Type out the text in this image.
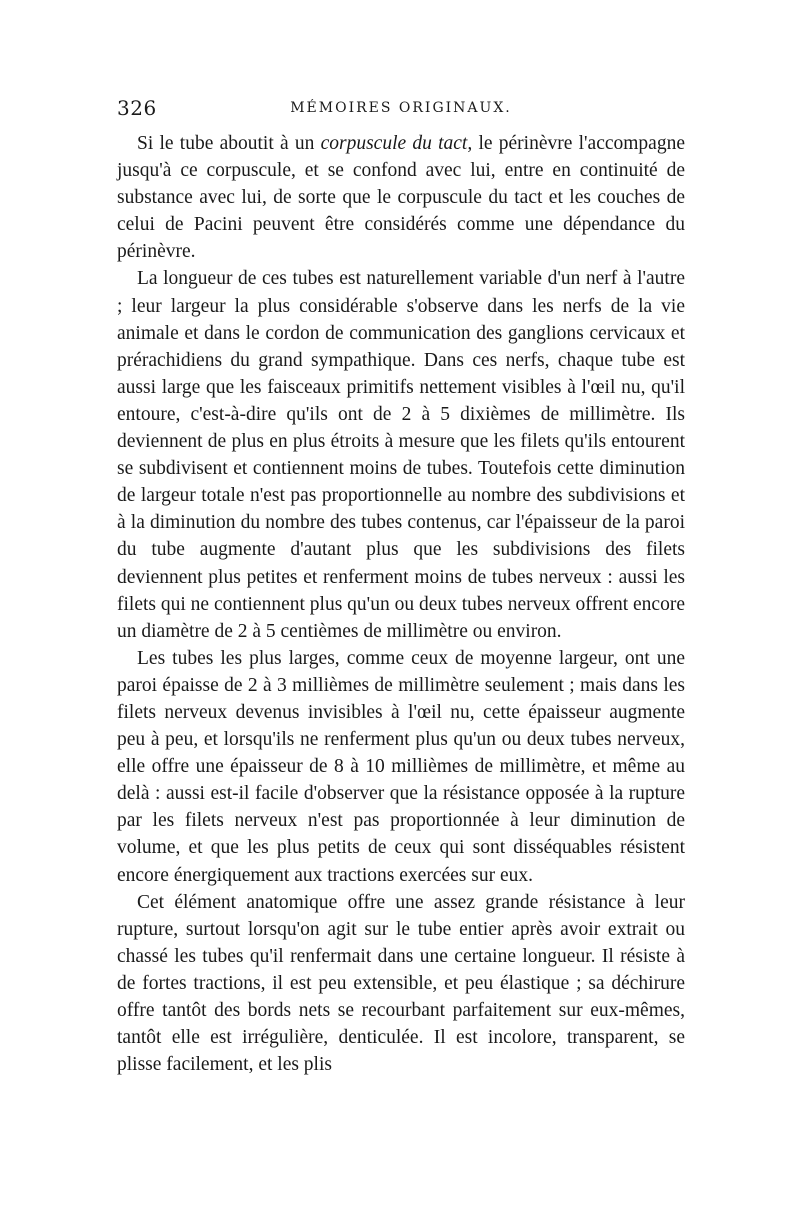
326	MÉMOIRES ORIGINAUX.

Si le tube aboutit à un corpuscule du tact, le périnèvre l'accompagne jusqu'à ce corpuscule, et se confond avec lui, entre en continuité de substance avec lui, de sorte que le corpuscule du tact et les couches de celui de Pacini peuvent être considérés comme une dépendance du périnèvre.

La longueur de ces tubes est naturellement variable d'un nerf à l'autre ; leur largeur la plus considérable s'observe dans les nerfs de la vie animale et dans le cordon de communication des ganglions cervicaux et prérachidiens du grand sympathique. Dans ces nerfs, chaque tube est aussi large que les faisceaux primitifs nettement visibles à l'œil nu, qu'il entoure, c'est-à-dire qu'ils ont de 2 à 5 dixièmes de millimètre. Ils deviennent de plus en plus étroits à mesure que les filets qu'ils entourent se subdivisent et contiennent moins de tubes. Toutefois cette diminution de largeur totale n'est pas proportionnelle au nombre des subdivisions et à la diminution du nombre des tubes contenus, car l'épaisseur de la paroi du tube augmente d'autant plus que les subdivisions des filets deviennent plus petites et renferment moins de tubes nerveux : aussi les filets qui ne contiennent plus qu'un ou deux tubes nerveux offrent encore un diamètre de 2 à 5 centièmes de millimètre ou environ.

Les tubes les plus larges, comme ceux de moyenne largeur, ont une paroi épaisse de 2 à 3 millièmes de millimètre seulement ; mais dans les filets nerveux devenus invisibles à l'œil nu, cette épaisseur augmente peu à peu, et lorsqu'ils ne renferment plus qu'un ou deux tubes nerveux, elle offre une épaisseur de 8 à 10 millièmes de millimètre, et même au delà : aussi est-il facile d'observer que la résistance opposée à la rupture par les filets nerveux n'est pas proportionnée à leur diminution de volume, et que les plus petits de ceux qui sont disséquables résistent encore énergiquement aux tractions exercées sur eux.

Cet élément anatomique offre une assez grande résistance à leur rupture, surtout lorsqu'on agit sur le tube entier après avoir extrait ou chassé les tubes qu'il renfermait dans une certaine longueur. Il résiste à de fortes tractions, il est peu extensible, et peu élastique ; sa déchirure offre tantôt des bords nets se recourbant parfaitement sur eux-mêmes, tantôt elle est irrégulière, denticulée. Il est incolore, transparent, se plisse facilement, et les plis
